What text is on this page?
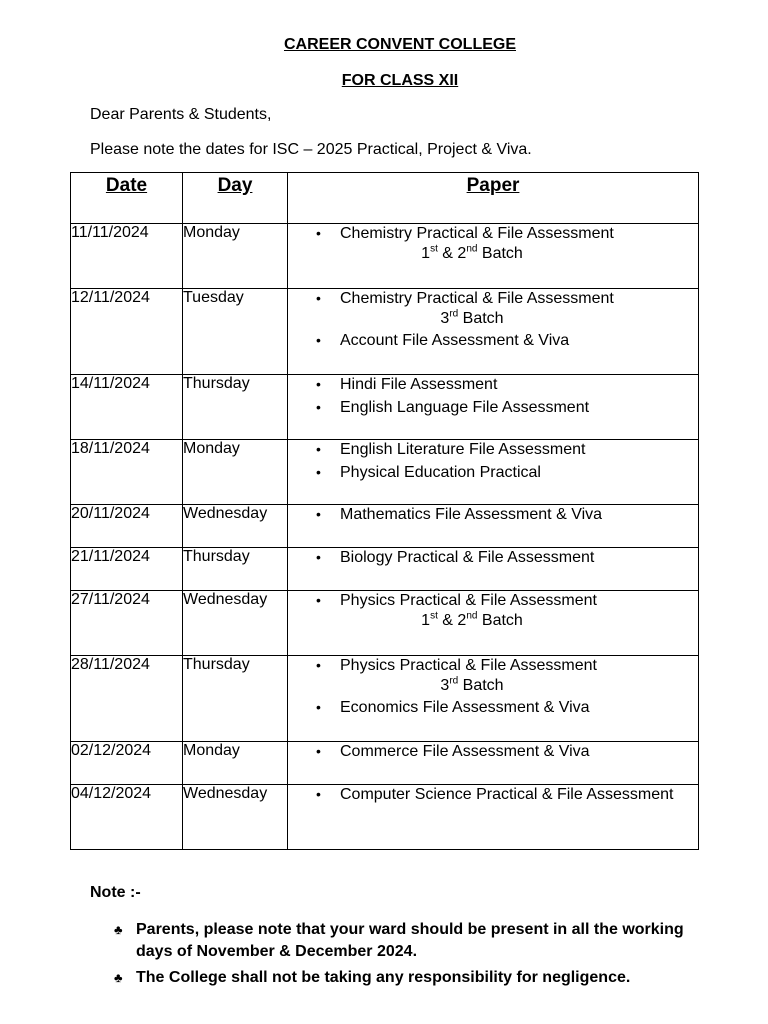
CAREER CONVENT COLLEGE
FOR CLASS XII
Dear Parents & Students,
Please note the dates for ISC – 2025 Practical, Project & Viva.
Date	Day	Paper
11/11/2024	Monday	• Chemistry Practical & File Assessment
1st & 2nd Batch

12/11/2024	Tuesday	• Chemistry Practical & File Assessment
3rd Batch
• Account File Assessment & Viva

14/11/2024	Thursday	• Hindi File Assessment
• English Language File Assessment

18/11/2024	Monday	• English Literature File Assessment
• Physical Education Practical

20/11/2024	Wednesday	• Mathematics File Assessment & Viva

21/11/2024	Thursday	• Biology Practical & File Assessment

27/11/2024	Wednesday	• Physics Practical & File Assessment
1st & 2nd Batch

28/11/2024	Thursday	• Physics Practical & File Assessment
3rd Batch
• Economics File Assessment & Viva

02/12/2024	Monday	• Commerce File Assessment & Viva

04/12/2024	Wednesday	• Computer Science Practical & File Assessment
Note :-
♣ Parents, please note that your ward should be present in all the working days of November & December 2024.
♣ The College shall not be taking any responsibility for negligence.
